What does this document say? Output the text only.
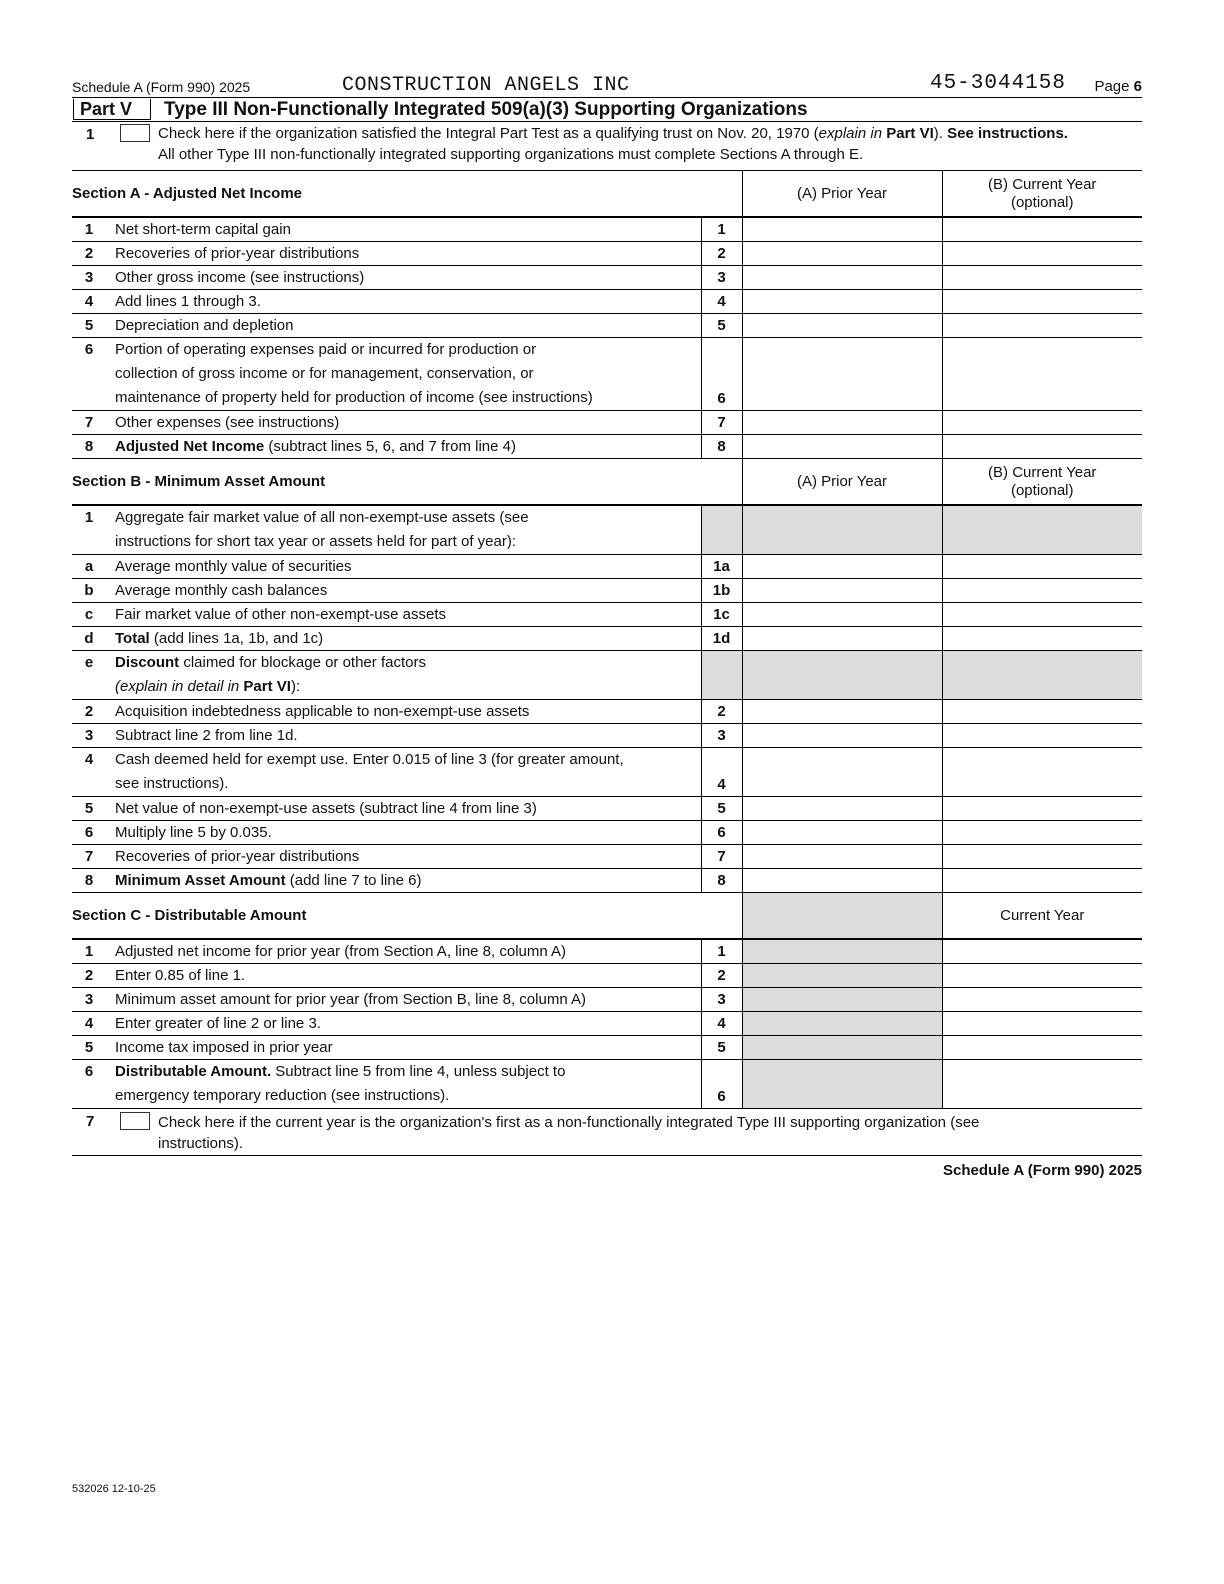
Schedule A (Form 990) 2025	CONSTRUCTION ANGELS INC	45-3044158 Page 6
Part V	Type III Non-Functionally Integrated 509(a)(3) Supporting Organizations
1	Check here if the organization satisfied the Integral Part Test as a qualifying trust on Nov. 20, 1970 (explain in Part VI). See instructions.
All other Type III non-functionally integrated supporting organizations must complete Sections A through E.
Section A - Adjusted Net Income			(A) Prior Year	(B) Current Year
(optional)
1	Net short-term capital gain	1		
2	Recoveries of prior-year distributions	2		
3	Other gross income (see instructions)	3		
4	Add lines 1 through 3.	4		
5	Depreciation and depletion	5		
6	Portion of operating expenses paid or incurred for production or
collection of gross income or for management, conservation, or
maintenance of property held for production of income (see instructions)	6		
7	Other expenses (see instructions)	7		
8	Adjusted Net Income (subtract lines 5, 6, and 7 from line 4)	8		
Section B - Minimum Asset Amount			(A) Prior Year	(B) Current Year
(optional)
1	Aggregate fair market value of all non-exempt-use assets (see
instructions for short tax year or assets held for part of year):			

a	Average monthly value of securities	1a		
b	Average monthly cash balances	1b		
c	Fair market value of other non-exempt-use assets	1c		
d	Total (add lines 1a, 1b, and 1c)	1d		
e	Discount claimed for blockage or other factors
(explain in detail in Part VI):			

2	Acquisition indebtedness applicable to non-exempt-use assets	2		
3	Subtract line 2 from line 1d.	3		
4	Cash deemed held for exempt use. Enter 0.015 of line 3 (for greater amount,
see instructions).	4		
5	Net value of non-exempt-use assets (subtract line 4 from line 3)	5		
6	Multiply line 5 by 0.035.	6		
7	Recoveries of prior-year distributions	7		
8	Minimum Asset Amount (add line 7 to line 6)	8		
Section C - Distributable Amount				Current Year
1	Adjusted net income for prior year (from Section A, line 8, column A)	1		
2	Enter 0.85 of line 1.	2		
3	Minimum asset amount for prior year (from Section B, line 8, column A)	3		
4	Enter greater of line 2 or line 3.	4		
5	Income tax imposed in prior year	5		
6	Distributable Amount. Subtract line 5 from line 4, unless subject to
emergency temporary reduction (see instructions).	6		
7	Check here if the current year is the organization's first as a non-functionally integrated Type III supporting organization (see
instructions).
Schedule A (Form 990) 2025
532026 12-10-25
